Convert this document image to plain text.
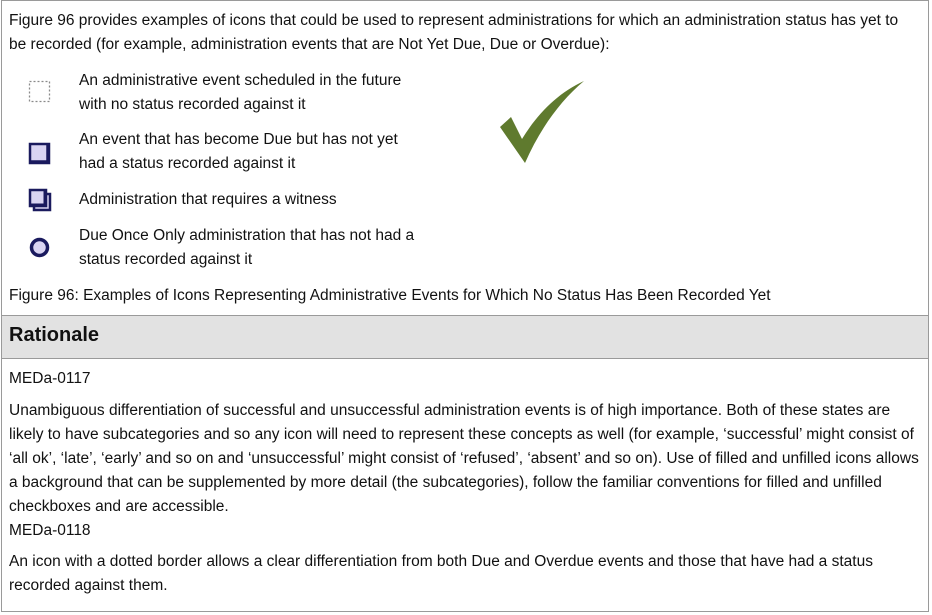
Figure 96 provides examples of icons that could be used to represent administrations for which an administration status has yet to be recorded (for example, administration events that are Not Yet Due, Due or Overdue):
An administrative event scheduled in the future with no status recorded against it
An event that has become Due but has not yet had a status recorded against it
Administration that requires a witness
Due Once Only administration that has not had a status recorded against it
Figure 96: Examples of Icons Representing Administrative Events for Which No Status Has Been Recorded Yet
Rationale
MEDa-0117
Unambiguous differentiation of successful and unsuccessful administration events is of high importance. Both of these states are likely to have subcategories and so any icon will need to represent these concepts as well (for example, ‘successful’ might consist of ‘all ok’, ‘late’, ‘early’ and so on and ‘unsuccessful’ might consist of ‘refused’, ‘absent’ and so on). Use of filled and unfilled icons allows a background that can be supplemented by more detail (the subcategories), follow the familiar conventions for filled and unfilled checkboxes and are accessible.
MEDa-0118
An icon with a dotted border allows a clear differentiation from both Due and Overdue events and those that have had a status recorded against them.
